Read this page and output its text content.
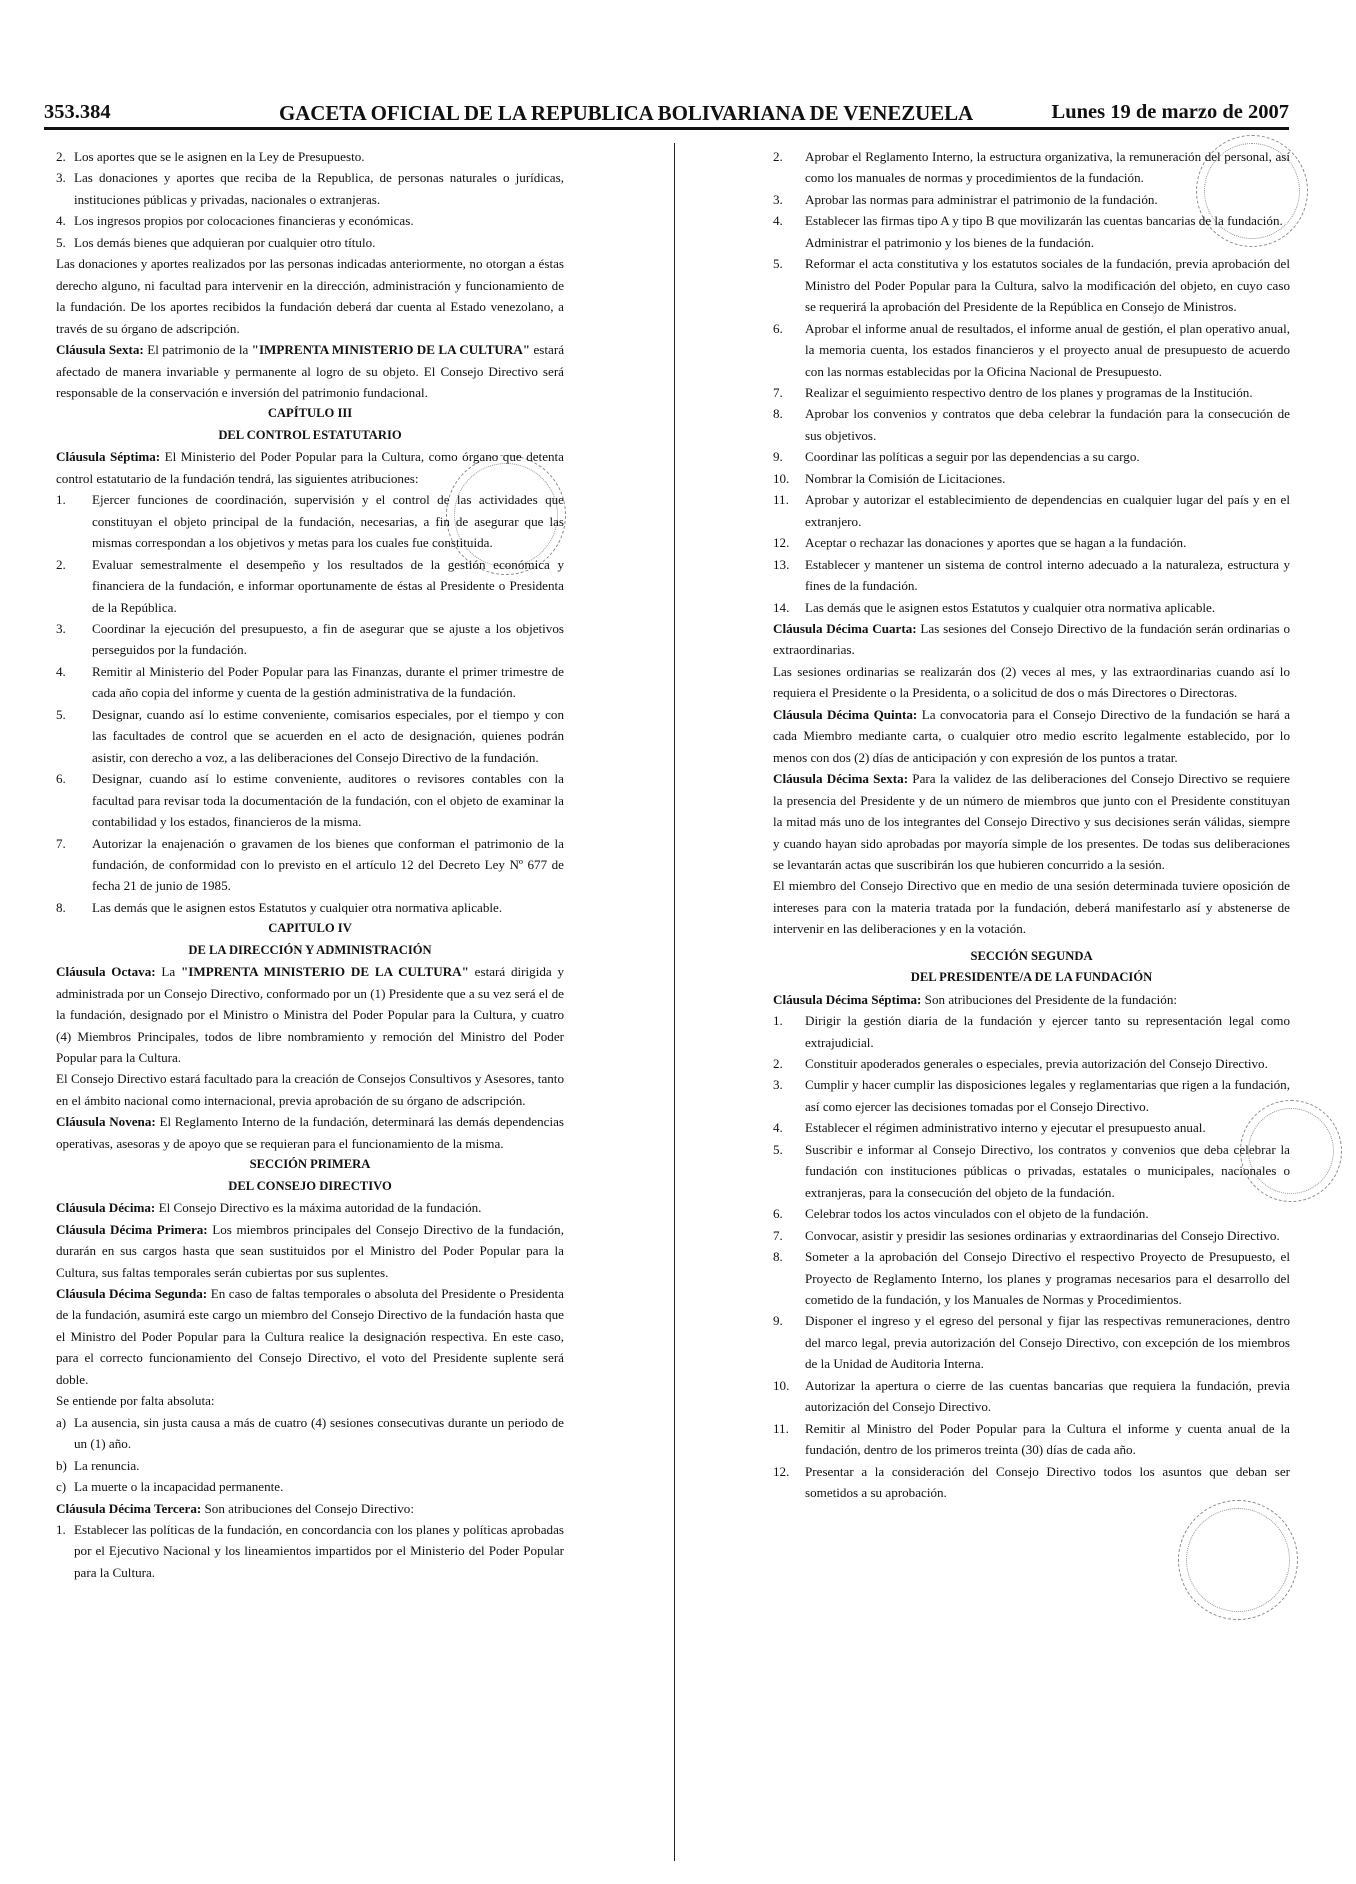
353.384	GACETA OFICIAL DE LA REPUBLICA BOLIVARIANA DE VENEZUELA	Lunes 19 de marzo de 2007
2. Los aportes que se le asignen en la Ley de Presupuesto.
3. Las donaciones y aportes que reciba de la Republica, de personas naturales o jurídicas, instituciones públicas y privadas, nacionales o extranjeras.
4. Los ingresos propios por colocaciones financieras y económicas.
5. Los demás bienes que adquieran por cualquier otro título.

Las donaciones y aportes realizados por las personas indicadas anteriormente, no otorgan a éstas derecho alguno, ni facultad para intervenir en la dirección, administración y funcionamiento de la fundación. De los aportes recibidos la fundación deberá dar cuenta al Estado venezolano, a través de su órgano de adscripción.

Cláusula Sexta: El patrimonio de la "IMPRENTA MINISTERIO DE LA CULTURA" estará afectado de manera invariable y permanente al logro de su objeto. El Consejo Directivo será responsable de la conservación e inversión del patrimonio fundacional.

CAPÍTULO III

DEL CONTROL ESTATUTARIO

Cláusula Séptima: El Ministerio del Poder Popular para la Cultura, como órgano que detenta control estatutario de la fundación tendrá, las siguientes atribuciones:

1.	Ejercer funciones de coordinación, supervisión y el control de las actividades que constituyan el objeto principal de la fundación, necesarias, a fin de asegurar que las mismas correspondan a los objetivos y metas para los cuales fue constituida.
2.	Evaluar semestralmente el desempeño y los resultados de la gestión económica y financiera de la fundación, e informar oportunamente de éstas al Presidente o Presidenta de la República.
3.	Coordinar la ejecución del presupuesto, a fin de asegurar que se ajuste a los objetivos perseguidos por la fundación.
4.	Remitir al Ministerio del Poder Popular para las Finanzas, durante el primer trimestre de cada año copia del informe y cuenta de la gestión administrativa de la fundación.
5.	Designar, cuando así lo estime conveniente, comisarios especiales, por el tiempo y con las facultades de control que se acuerden en el acto de designación, quienes podrán asistir, con derecho a voz, a las deliberaciones del Consejo Directivo de la fundación.
6.	Designar, cuando así lo estime conveniente, auditores o revisores contables con la facultad para revisar toda la documentación de la fundación, con el objeto de examinar la contabilidad y los estados, financieros de la misma.
7.	Autorizar la enajenación o gravamen de los bienes que conforman el patrimonio de la fundación, de conformidad con lo previsto en el artículo 12 del Decreto Ley Nº 677 de fecha 21 de junio de 1985.
8.	Las demás que le asignen estos Estatutos y cualquier otra normativa aplicable.

CAPITULO IV

DE LA DIRECCIÓN Y ADMINISTRACIÓN

Cláusula Octava: La "IMPRENTA MINISTERIO DE LA CULTURA" estará dirigida y administrada por un Consejo Directivo, conformado por un (1) Presidente que a su vez será el de la fundación, designado por el Ministro o Ministra del Poder Popular para la Cultura, y cuatro (4) Miembros Principales, todos de libre nombramiento y remoción del Ministro del Poder Popular para la Cultura.

El Consejo Directivo estará facultado para la creación de Consejos Consultivos y Asesores, tanto en el ámbito nacional como internacional, previa aprobación de su órgano de adscripción.

Cláusula Novena: El Reglamento Interno de la fundación, determinará las demás dependencias operativas, asesoras y de apoyo que se requieran para el funcionamiento de la misma.

SECCIÓN PRIMERA

DEL CONSEJO DIRECTIVO

Cláusula Décima: El Consejo Directivo es la máxima autoridad de la fundación.

Cláusula Décima Primera: Los miembros principales del Consejo Directivo de la fundación, durarán en sus cargos hasta que sean sustituidos por el Ministro del Poder Popular para la Cultura, sus faltas temporales serán cubiertas por sus suplentes.

Cláusula Décima Segunda: En caso de faltas temporales o absoluta del Presidente o Presidenta de la fundación, asumirá este cargo un miembro del Consejo Directivo de la fundación hasta que el Ministro del Poder Popular para la Cultura realice la designación respectiva. En este caso, para el correcto funcionamiento del Consejo Directivo, el voto del Presidente suplente será doble.

Se entiende por falta absoluta:

a) La ausencia, sin justa causa a más de cuatro (4) sesiones consecutivas durante un periodo de un (1) año.
b) La renuncia.
c) La muerte o la incapacidad permanente.

Cláusula Décima Tercera: Son atribuciones del Consejo Directivo:

1. Establecer las políticas de la fundación, en concordancia con los planes y políticas aprobadas por el Ejecutivo Nacional y los lineamientos impartidos por el Ministerio del Poder Popular para la Cultura.
2.	Aprobar el Reglamento Interno, la estructura organizativa, la remuneración del personal, así como los manuales de normas y procedimientos de la fundación.
3.	Aprobar las normas para administrar el patrimonio de la fundación.
4.	Establecer las firmas tipo A y tipo B que movilizarán las cuentas bancarias de la fundación.
Administrar el patrimonio y los bienes de la fundación.
5.	Reformar el acta constitutiva y los estatutos sociales de la fundación, previa aprobación del Ministro del Poder Popular para la Cultura, salvo la modificación del objeto, en cuyo caso se requerirá la aprobación del Presidente de la República en Consejo de Ministros.
6.	Aprobar el informe anual de resultados, el informe anual de gestión, el plan operativo anual, la memoria cuenta, los estados financieros y el proyecto anual de presupuesto de acuerdo con las normas establecidas por la Oficina Nacional de Presupuesto.
7.	Realizar el seguimiento respectivo dentro de los planes y programas de la Institución.
8.	Aprobar los convenios y contratos que deba celebrar la fundación para la consecución de sus objetivos.
9.	Coordinar las políticas a seguir por las dependencias a su cargo.
10.	Nombrar la Comisión de Licitaciones.
11.	Aprobar y autorizar el establecimiento de dependencias en cualquier lugar del país y en el extranjero.
12.	Aceptar o rechazar las donaciones y aportes que se hagan a la fundación.
13.	Establecer y mantener un sistema de control interno adecuado a la naturaleza, estructura y fines de la fundación.
14.	Las demás que le asignen estos Estatutos y cualquier otra normativa aplicable.

Cláusula Décima Cuarta: Las sesiones del Consejo Directivo de la fundación serán ordinarias o extraordinarias.

Las sesiones ordinarias se realizarán dos (2) veces al mes, y las extraordinarias cuando así lo requiera el Presidente o la Presidenta, o a solicitud de dos o más Directores o Directoras.

Cláusula Décima Quinta: La convocatoria para el Consejo Directivo de la fundación se hará a cada Miembro mediante carta, o cualquier otro medio escrito legalmente establecido, por lo menos con dos (2) días de anticipación y con expresión de los puntos a tratar.

Cláusula Décima Sexta: Para la validez de las deliberaciones del Consejo Directivo se requiere la presencia del Presidente y de un número de miembros que junto con el Presidente constituyan la mitad más uno de los integrantes del Consejo Directivo y sus decisiones serán válidas, siempre y cuando hayan sido aprobadas por mayoría simple de los presentes. De todas sus deliberaciones se levantarán actas que suscribirán los que hubieren concurrido a la sesión.

El miembro del Consejo Directivo que en medio de una sesión determinada tuviere oposición de intereses para con la materia tratada por la fundación, deberá manifestarlo así y abstenerse de intervenir en las deliberaciones y en la votación.

SECCIÓN SEGUNDA

DEL PRESIDENTE/A DE LA FUNDACIÓN

Cláusula Décima Séptima: Son atribuciones del Presidente de la fundación:

1.	Dirigir la gestión diaria de la fundación y ejercer tanto su representación legal como extrajudicial.
2.	Constituir apoderados generales o especiales, previa autorización del Consejo Directivo.
3.	Cumplir y hacer cumplir las disposiciones legales y reglamentarias que rigen a la fundación, así como ejercer las decisiones tomadas por el Consejo Directivo.
4.	Establecer el régimen administrativo interno y ejecutar el presupuesto anual.
5.	Suscribir e informar al Consejo Directivo, los contratos y convenios que deba celebrar la fundación con instituciones públicas o privadas, estatales o municipales, nacionales o extranjeras, para la consecución del objeto de la fundación.
6.	Celebrar todos los actos vinculados con el objeto de la fundación.
7.	Convocar, asistir y presidir las sesiones ordinarias y extraordinarias del Consejo Directivo.
8.	Someter a la aprobación del Consejo Directivo el respectivo Proyecto de Presupuesto, el Proyecto de Reglamento Interno, los planes y programas necesarios para el desarrollo del cometido de la fundación, y los Manuales de Normas y Procedimientos.
9.	Disponer el ingreso y el egreso del personal y fijar las respectivas remuneraciones, dentro del marco legal, previa autorización del Consejo Directivo, con excepción de los miembros de la Unidad de Auditoria Interna.
10.	Autorizar la apertura o cierre de las cuentas bancarias que requiera la fundación, previa autorización del Consejo Directivo.
11.	Remitir al Ministro del Poder Popular para la Cultura el informe y cuenta anual de la fundación, dentro de los primeros treinta (30) días de cada año.
12.	Presentar a la consideración del Consejo Directivo todos los asuntos que deban ser sometidos a su aprobación.
